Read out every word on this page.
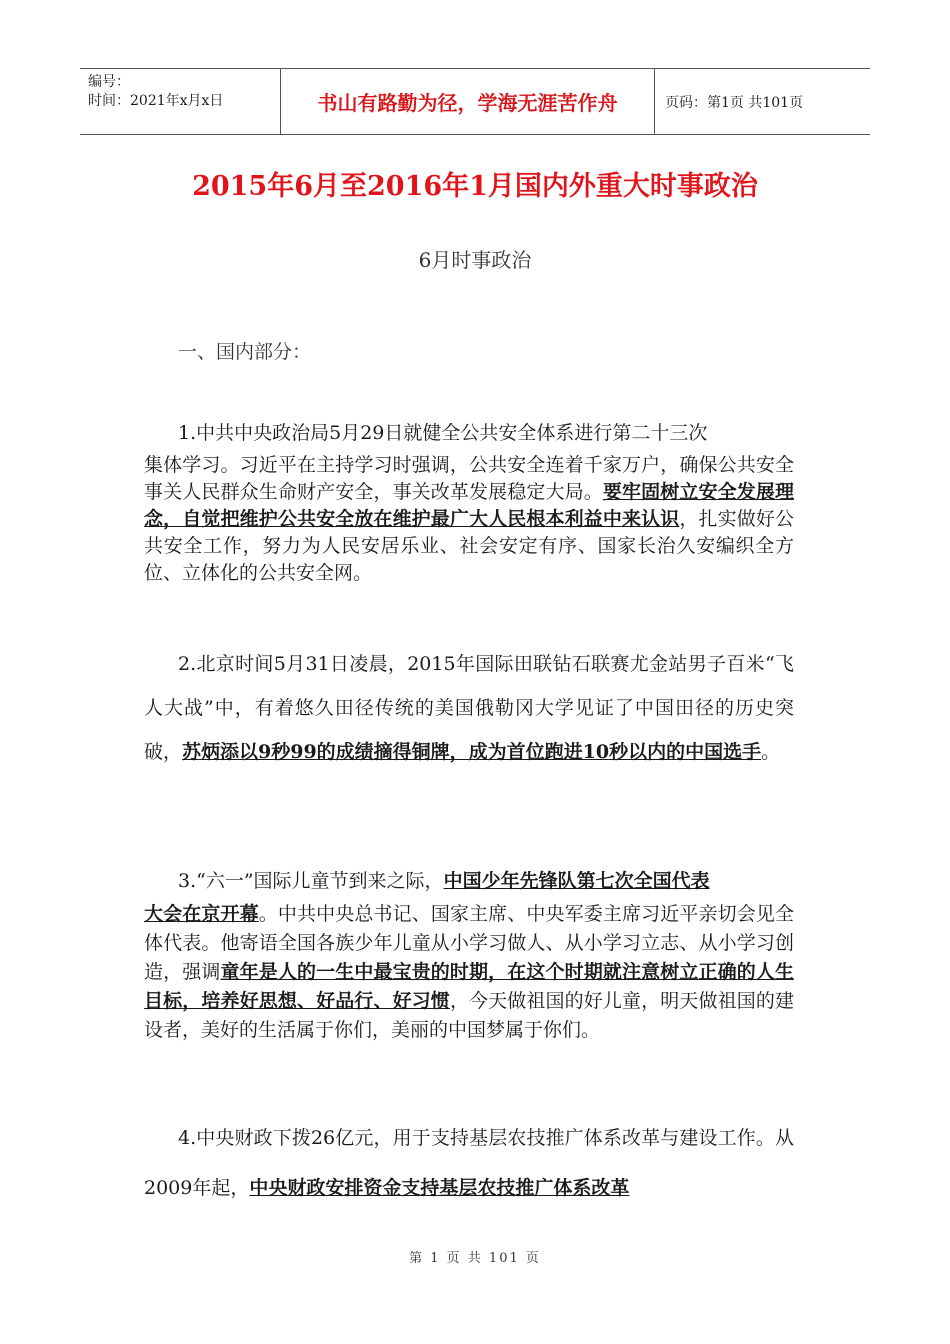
编号：
时间：2021年x月x日	书山有路勤为径，学海无涯苦作舟	页码：第1页 共101页
2015年6月至2016年1月国内外重大时事政治
6月时事政治
一、国内部分：

1.中共中央政治局5月29日就健全公共安全体系进行第二十三次
集体学习。习近平在主持学习时强调，公共安全连着千家万户，确保公共安全事关人民群众生命财产安全，事关改革发展稳定大局。要牢固树立安全发展理念，自觉把维护公共安全放在维护最广大人民根本利益中来认识，扎实做好公共安全工作，努力为人民安居乐业、社会安定有序、国家长治久安编织全方位、立体化的公共安全网。

2.北京时间5月31日凌晨，2015年国际田联钻石联赛尤金站男子百米“飞人大战”中，有着悠久田径传统的美国俄勒冈大学见证了中国田径的历史突破，苏炳添以9秒99的成绩摘得铜牌，成为首位跑进10秒以内的中国选手。

3.“六一”国际儿童节到来之际，中国少年先锋队第七次全国代表
大会在京开幕。中共中央总书记、国家主席、中央军委主席习近平亲切会见全体代表。他寄语全国各族少年儿童从小学习做人、从小学习立志、从小学习创造，强调童年是人的一生中最宝贵的时期，在这个时期就注意树立正确的人生目标，培养好思想、好品行、好习惯，今天做祖国的好儿童，明天做祖国的建设者，美好的生活属于你们，美丽的中国梦属于你们。

4.中央财政下拨26亿元，用于支持基层农技推广体系改革与建设工作。从2009年起，中央财政安排资金支持基层农技推广体系改革

第 1 页 共 101 页
